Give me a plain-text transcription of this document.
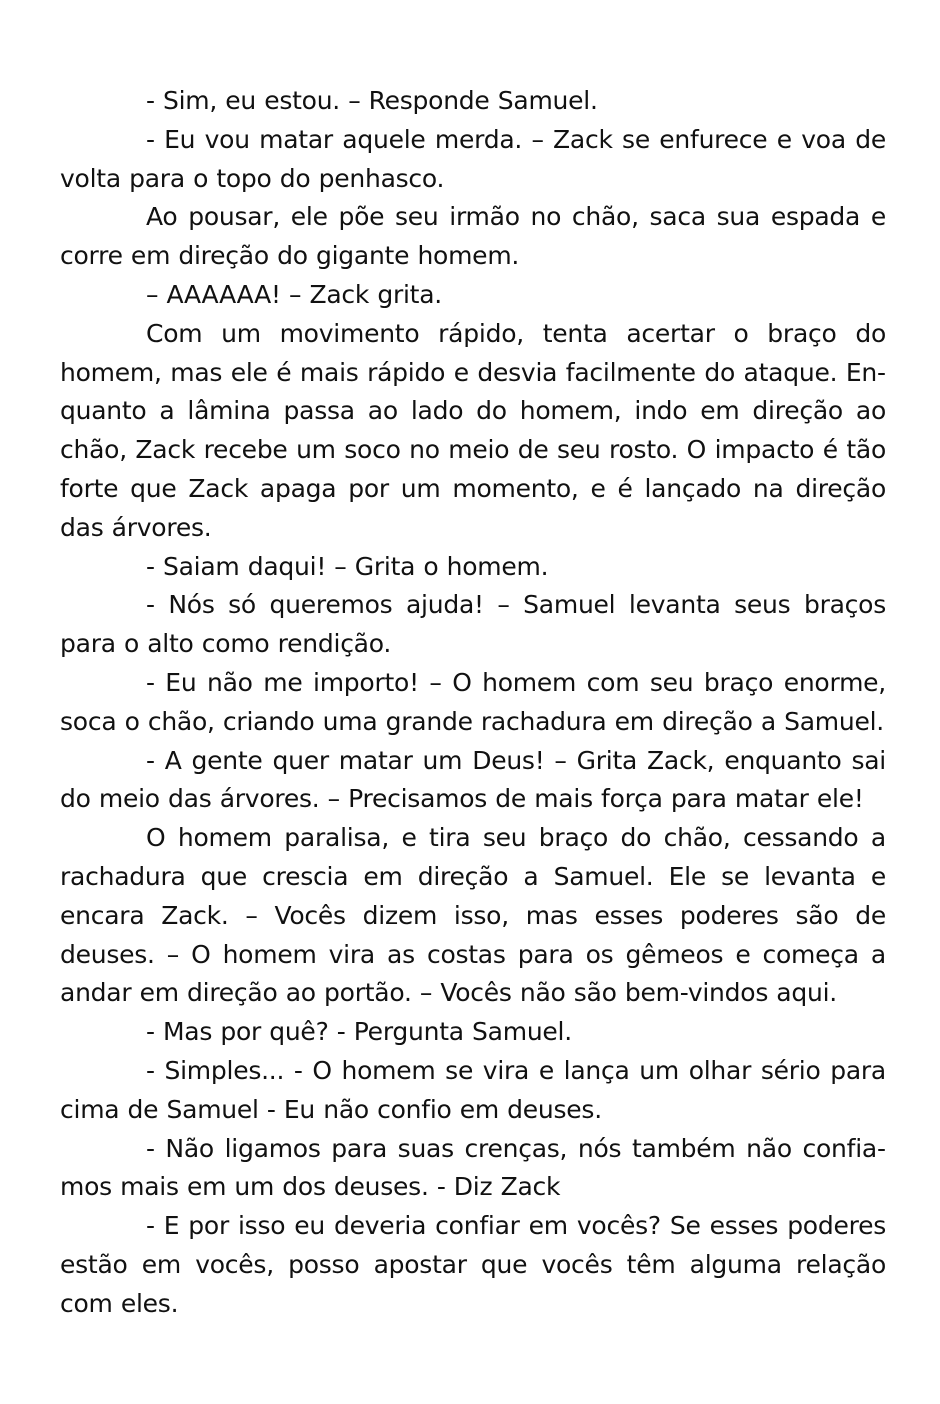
- Sim, eu estou. – Responde Samuel.

- Eu vou matar aquele merda. – Zack se enfurece e voa de volta para o topo do penhasco.

Ao pousar, ele põe seu irmão no chão, saca sua espada e corre em direção do gigante homem.

– AAAAAA! – Zack grita.

Com um movimento rápido, tenta acertar o braço do homem, mas ele é mais rápido e desvia facilmente do ataque. Enquanto a lâmina passa ao lado do homem, indo em direção ao chão, Zack recebe um soco no meio de seu rosto. O impacto é tão forte que Zack apaga por um momento, e é lançado na direção das árvores.

- Saiam daqui! – Grita o homem.

- Nós só queremos ajuda! – Samuel levanta seus braços para o alto como rendição.

- Eu não me importo! – O homem com seu braço enorme, soca o chão, criando uma grande rachadura em direção a Samuel.

- A gente quer matar um Deus! – Grita Zack, enquanto sai do meio das árvores. – Precisamos de mais força para matar ele!

O homem paralisa, e tira seu braço do chão, cessando a rachadura que crescia em direção a Samuel. Ele se levanta e encara Zack. – Vocês dizem isso, mas esses poderes são de deuses. – O homem vira as costas para os gêmeos e começa a andar em direção ao portão. – Vocês não são bem-vindos aqui.

- Mas por quê? - Pergunta Samuel.

- Simples... - O homem se vira e lança um olhar sério para cima de Samuel - Eu não confio em deuses.

- Não ligamos para suas crenças, nós também não confiamos mais em um dos deuses. - Diz Zack

- E por isso eu deveria confiar em vocês? Se esses poderes estão em vocês, posso apostar que vocês têm alguma relação com eles.
